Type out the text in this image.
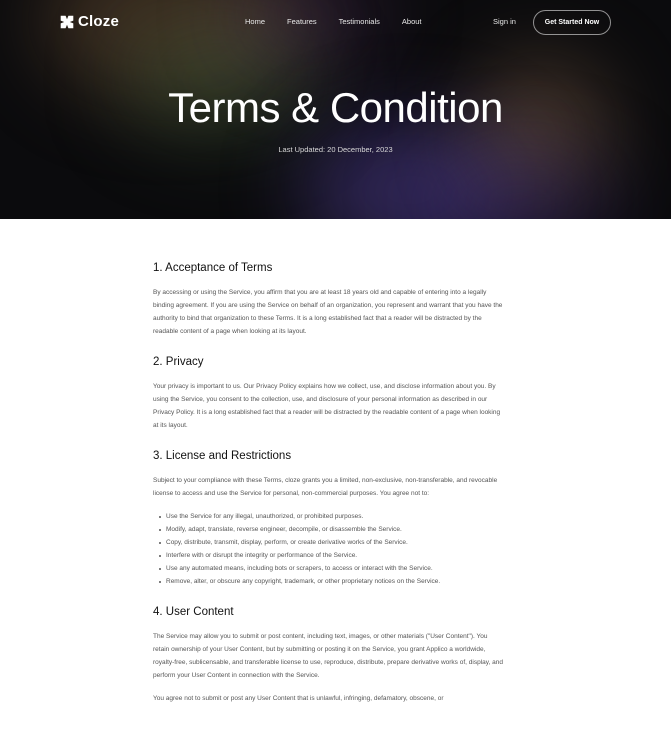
Cloze	Home	Features	Testimonials	About	Sign in	Get Started Now
Terms & Condition
Last Updated: 20 December, 2023
1. Acceptance of Terms

By accessing or using the Service, you affirm that you are at least 18 years old and capable of entering into a legally binding agreement. If you are using the Service on behalf of an organization, you represent and warrant that you have the authority to bind that organization to these Terms. It is a long established fact that a reader will be distracted by the readable content of a page when looking at its layout.

2. Privacy

Your privacy is important to us. Our Privacy Policy explains how we collect, use, and disclose information about you. By using the Service, you consent to the collection, use, and disclosure of your personal information as described in our Privacy Policy. It is a long established fact that a reader will be distracted by the readable content of a page when looking at its layout.

3. License and Restrictions

Subject to your compliance with these Terms, cloze grants you a limited, non-exclusive, non-transferable, and revocable license to access and use the Service for personal, non-commercial purposes. You agree not to:

Use the Service for any illegal, unauthorized, or prohibited purposes.
Modify, adapt, translate, reverse engineer, decompile, or disassemble the Service.
Copy, distribute, transmit, display, perform, or create derivative works of the Service.
Interfere with or disrupt the integrity or performance of the Service.
Use any automated means, including bots or scrapers, to access or interact with the Service.
Remove, alter, or obscure any copyright, trademark, or other proprietary notices on the Service.
4. User Content

The Service may allow you to submit or post content, including text, images, or other materials ("User Content"). You retain ownership of your User Content, but by submitting or posting it on the Service, you grant Applico a worldwide, royalty-free, sublicensable, and transferable license to use, reproduce, distribute, prepare derivative works of, display, and perform your User Content in connection with the Service.

You agree not to submit or post any User Content that is unlawful, infringing, defamatory, obscene, or
